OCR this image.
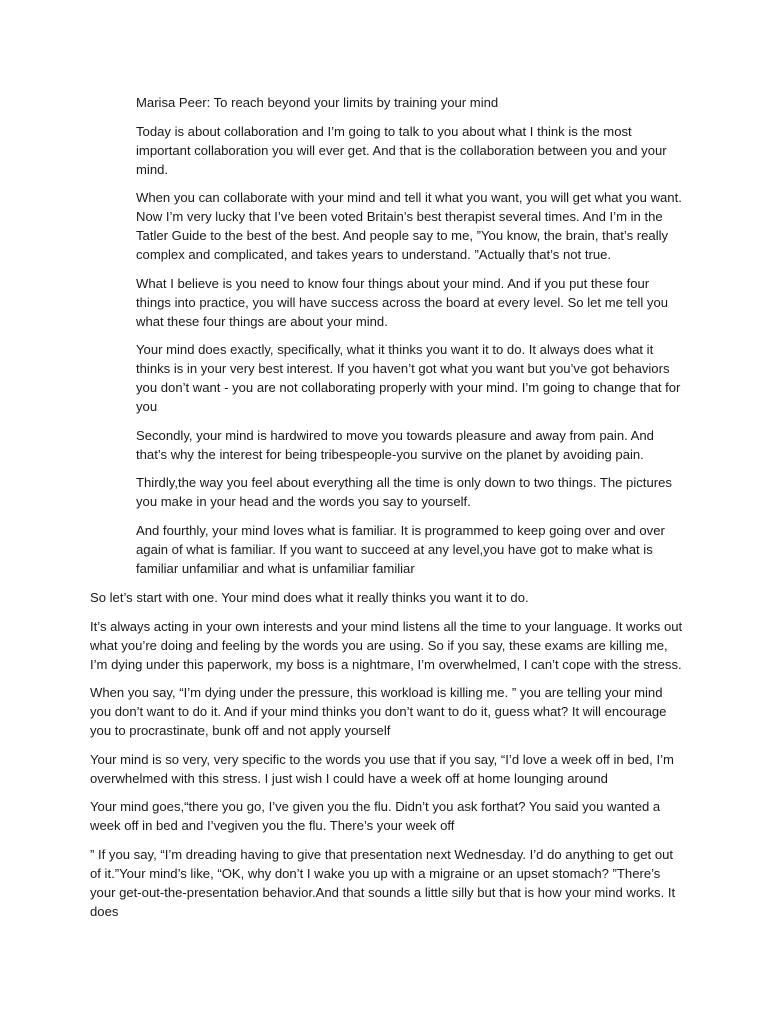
Marisa Peer: To reach beyond your limits by training your mind

Today is about collaboration and I’m going to talk to you about what I think is the most important collaboration you will ever get. And that is the collaboration between you and your mind.

When you can collaborate with your mind and tell it what you want, you will get what you want. Now I’m very lucky that I’ve been voted Britain’s best therapist several times. And I’m in the Tatler Guide to the best of the best. And people say to me, ”You know, the brain, that’s really complex and complicated, and takes years to understand. ”Actually that’s not true.

What I believe is you need to know four things about your mind. And if you put these four things into practice, you will have success across the board at every level. So let me tell you what these four things are about your mind.

Your mind does exactly, specifically, what it thinks you want it to do. It always does what it thinks is in your very best interest. If you haven’t got what you want but you’ve got behaviors you don’t want - you are not collaborating properly with your mind. I’m going to change that for you

Secondly, your mind is hardwired to move you towards pleasure and away from pain. And that’s why the interest for being tribespeople-you survive on the planet by avoiding pain.

Thirdly,the way you feel about everything all the time is only down to two things. The pictures you make in your head and the words you say to yourself.

And fourthly, your mind loves what is familiar. It is programmed to keep going over and over again of what is familiar. If you want to succeed at any level,you have got to make what is familiar unfamiliar and what is unfamiliar familiar

So let’s start with one. Your mind does what it really thinks you want it to do.

It’s always acting in your own interests and your mind listens all the time to your language. It works out what you’re doing and feeling by the words you are using. So if you say, these exams are killing me, I’m dying under this paperwork, my boss is a nightmare, I’m overwhelmed, I can’t cope with the stress.

When you say, “I’m dying under the pressure, this workload is killing me. ” you are telling your mind you don’t want to do it. And if your mind thinks you don’t want to do it, guess what? It will encourage you to procrastinate, bunk off and not apply yourself

Your mind is so very, very specific to the words you use that if you say, “I’d love a week off in bed, I’m overwhelmed with this stress. I just wish I could have a week off at home lounging around

Your mind goes,“there you go, I’ve given you the flu. Didn’t you ask forthat? You said you wanted a week off in bed and I’vegiven you the flu. There’s your week off

” If you say, “I’m dreading having to give that presentation next Wednesday. I’d do anything to get out of it.”Your mind’s like, “OK, why don’t I wake you up with a migraine or an upset stomach? ”There’s your get-out-the-presentation behavior.And that sounds a little silly but that is how your mind works. It does
